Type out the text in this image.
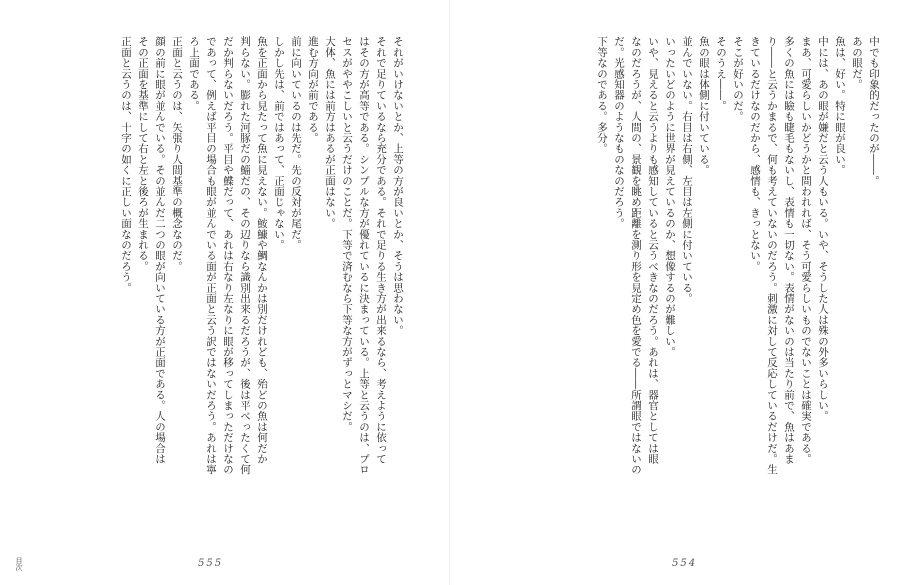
それがいけないとか、上等の方が良いとか、そうは思わない。
それで足りているなら充分である。それで足りる生き方が出来るなら、考えように依って
はその方が高等である。シンプルな方が優れているに決まっている。上等と云うのは、プロ
セスがややこしいと云うだけのことだ。下等で済むなら下等な方がずっとマシだ。
大体、魚には前方はあるが正面はない。
進む方向が前である。
前に向いているのは先だ。先の反対が尾だ。
しかし先は、前ではあって、正面じゃない。
魚を正面から見たって魚に見えない。鮟鱇や鯛なんかは別だけれども、殆どの魚は何だか
判らない。膨れた河豚だの鯔だの、その辺りなら識別出来るだろうが、後は平べったくて何
だか判らないだろう。平目や鰈だって、あれは右なり左なりに眼が移ってしまっただけなの
であって、例えば平目の場合も眼が並んでいる面が正面と云う訳ではないだろう。あれは寧
ろ上面である。
正面と云うのは、矢張り人間基準の概念なのだ。
顔の前に眼が並んでいる。その並んだ二つの眼が向いている方が正面である。人の場合は
その正面を基準にして右と左と後ろが生まれる。
正面と云うのは、十字の如くに正しい面なのだろう。
555
目次
中でも印象的だったのが――。
あの眼だ。
魚は、好い。特に眼が良い。
中には、あの眼が嫌だと云う人もいる。いや、そうした人は殊の外多いらしい。
まあ、可愛らしいかどうかと問われれば、そう可愛らしいものでないことは確実である。
多くの魚には瞼も睫毛もないし、表情も一切ない。表情がないのは当たり前で、魚はあま
り――と云うかまるで、何も考えていないのだろう。刺激に対して反応しているだけだ。生
きているだけなのだから、感情も、きっとない。
そこが好いのだ。
そのうえ――。
魚の眼は体側に付いている。
並んでいない。右目は右側、左目は左側に付いている。
いったいどのように世界が見えているのか、想像するのが難しい。
いや、見えると云うよりも感知していると云うべきなのだろう。あれは、器官としては眼
なのだろうが、人間の、景観を眺め距離を測り形を見定め色を愛でる――所謂眼ではないの
だ。光感知器のようなものなのだろう。
下等なのである。多分。
554
